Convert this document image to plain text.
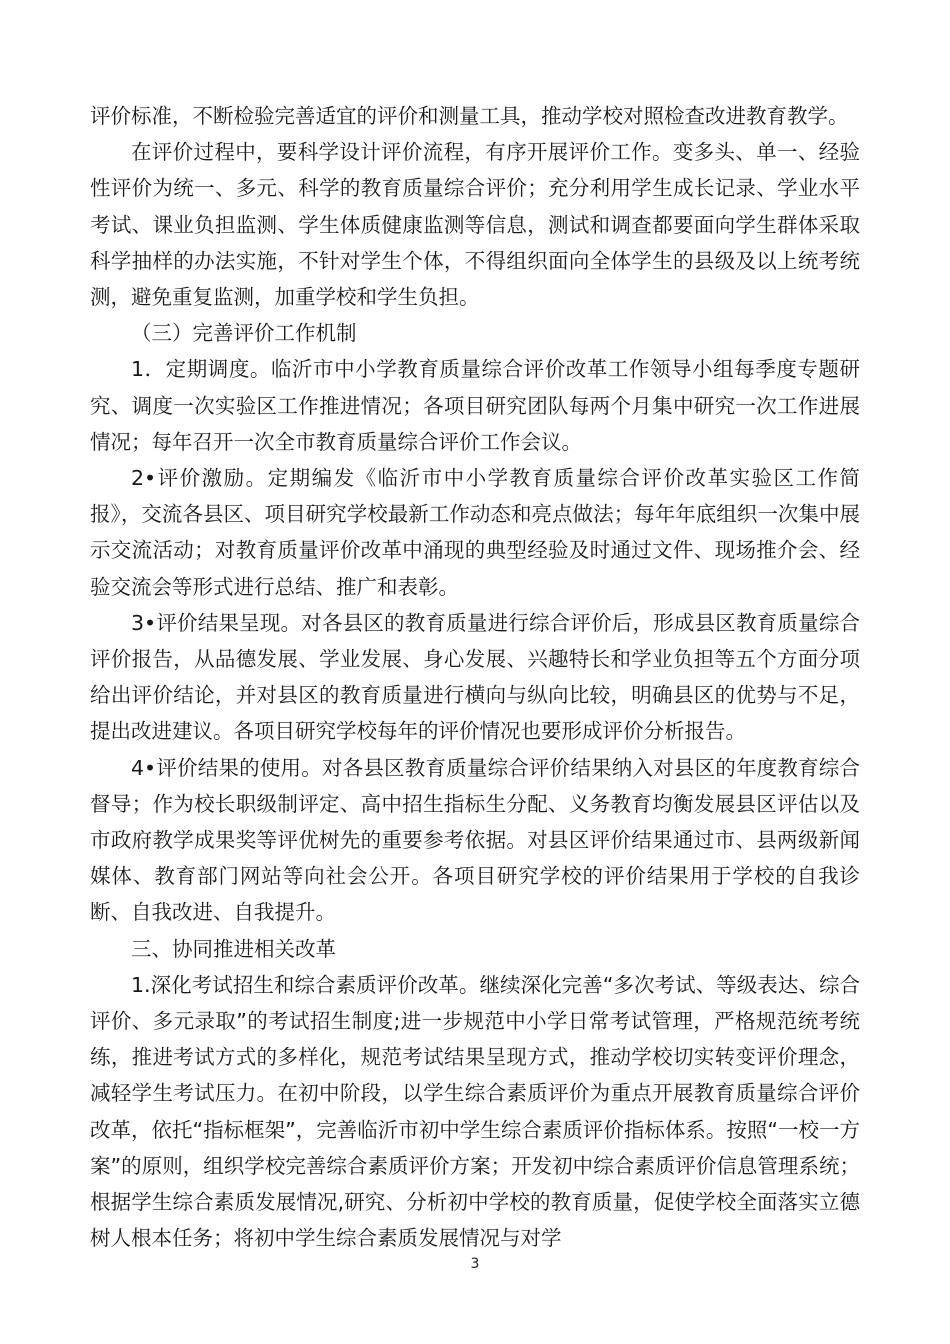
评价标准，不断检验完善适宜的评价和测量工具，推动学校对照检查改进教育教学。

在评价过程中，要科学设计评价流程，有序开展评价工作。变多头、单一、经验性评价为统一、多元、科学的教育质量综合评价；充分利用学生成长记录、学业水平考试、课业负担监测、学生体质健康监测等信息，测试和调查都要面向学生群体采取科学抽样的办法实施，不针对学生个体，不得组织面向全体学生的县级及以上统考统测，避免重复监测，加重学校和学生负担。

（三）完善评价工作机制

1．定期调度。临沂市中小学教育质量综合评价改革工作领导小组每季度专题研究、调度一次实验区工作推进情况；各项目研究团队每两个月集中研究一次工作进展情况；每年召开一次全市教育质量综合评价工作会议。

2•评价激励。定期编发《临沂市中小学教育质量综合评价改革实验区工作简报》，交流各县区、项目研究学校最新工作动态和亮点做法；每年年底组织一次集中展示交流活动；对教育质量评价改革中涌现的典型经验及时通过文件、现场推介会、经验交流会等形式进行总结、推广和表彰。

3•评价结果呈现。对各县区的教育质量进行综合评价后，形成县区教育质量综合评价报告，从品德发展、学业发展、身心发展、兴趣特长和学业负担等五个方面分项给出评价结论，并对县区的教育质量进行横向与纵向比较，明确县区的优势与不足，提出改进建议。各项目研究学校每年的评价情况也要形成评价分析报告。

4•评价结果的使用。对各县区教育质量综合评价结果纳入对县区的年度教育综合督导；作为校长职级制评定、高中招生指标生分配、义务教育均衡发展县区评估以及市政府教学成果奖等评优树先的重要参考依据。对县区评价结果通过市、县两级新闻媒体、教育部门网站等向社会公开。各项目研究学校的评价结果用于学校的自我诊断、自我改进、自我提升。

三、协同推进相关改革

1.深化考试招生和综合素质评价改革。继续深化完善“多次考试、等级表达、综合评价、多元录取”的考试招生制度;进一步规范中小学日常考试管理，严格规范统考统练，推进考试方式的多样化，规范考试结果呈现方式，推动学校切实转变评价理念，减轻学生考试压力。在初中阶段，以学生综合素质评价为重点开展教育质量综合评价改革，依托“指标框架”，完善临沂市初中学生综合素质评价指标体系。按照“一校一方案”的原则，组织学校完善综合素质评价方案；开发初中综合素质评价信息管理系统；根据学生综合素质发展情况,研究、分析初中学校的教育质量，促使学校全面落实立德树人根本任务；将初中学生综合素质发展情况与对学

3
